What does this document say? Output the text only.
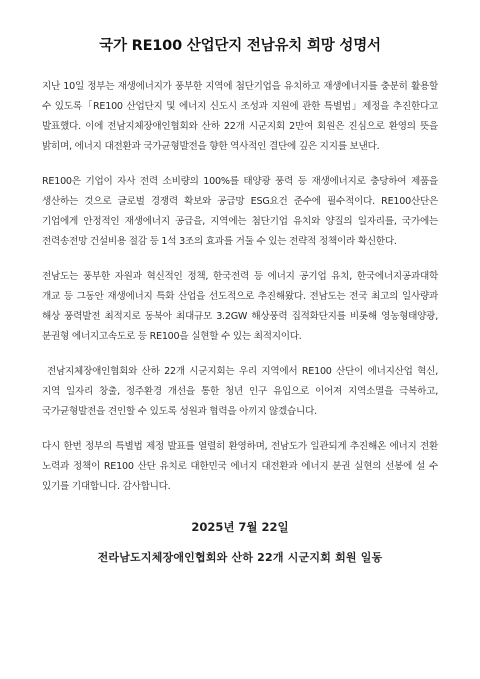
국가 RE100 산업단지 전남유치 희망 성명서

지난 10일 정부는 재생에너지가 풍부한 지역에 첨단기업을 유치하고 재생에너지를 충분히 활용할 수 있도록「RE100 산업단지 및 에너지 신도시 조성과 지원에 관한 특별법」제정을 추진한다고 발표했다. 이에 전남지체장애인협회와 산하 22개 시군지회 2만여 회원은 진심으로 환영의 뜻을 밝히며, 에너지 대전환과 국가균형발전을 향한 역사적인 결단에 깊은 지지를 보낸다.

RE100은 기업이 자사 전력 소비량의 100%를 태양광 풍력 등 재생에너지로 충당하여 제품을 생산하는 것으로 글로벌 경쟁력 확보와 공급망 ESG요건 준수에 필수적이다. RE100산단은 기업에게 안정적인 재생에너지 공급을, 지역에는 첨단기업 유치와 양질의 일자리를, 국가에는 전력송전망 건설비용 절감 등 1석 3조의 효과를 거둘 수 있는 전략적 정책이라 확신한다.

전남도는 풍부한 자원과 혁신적인 정책, 한국전력 등 에너지 공기업 유치, 한국에너지공과대학 개교 등 그동안 재생에너지 특화 산업을 선도적으로 추진해왔다. 전남도는 전국 최고의 일사량과 해상 풍력발전 최적지로 동북아 최대규모 3.2GW 해상풍력 집적화단지를 비롯해 영농형태양광, 분권형 에너지고속도로 등 RE100을 실현할 수 있는 최적지이다.

전남지체장애인협회와 산하 22개 시군지회는 우리 지역에서 RE100 산단이 에너지산업 혁신, 지역 일자리 창출, 정주환경 개선을 통한 청년 인구 유입으로 이어져 지역소멸을 극복하고, 국가균형발전을 견인할 수 있도록 성원과 협력을 아끼지 않겠습니다.

다시 한번 정부의 특별법 제정 발표를 열렬히 환영하며, 전남도가 일관되게 추진해온 에너지 전환 노력과 정책이 RE100 산단 유치로 대한민국 에너지 대전환과 에너지 분권 실현의 선봉에 설 수 있기를 기대합니다. 감사합니다.

2025년 7월 22일
전라남도지체장애인협회와 산하 22개 시군지회 회원 일동
